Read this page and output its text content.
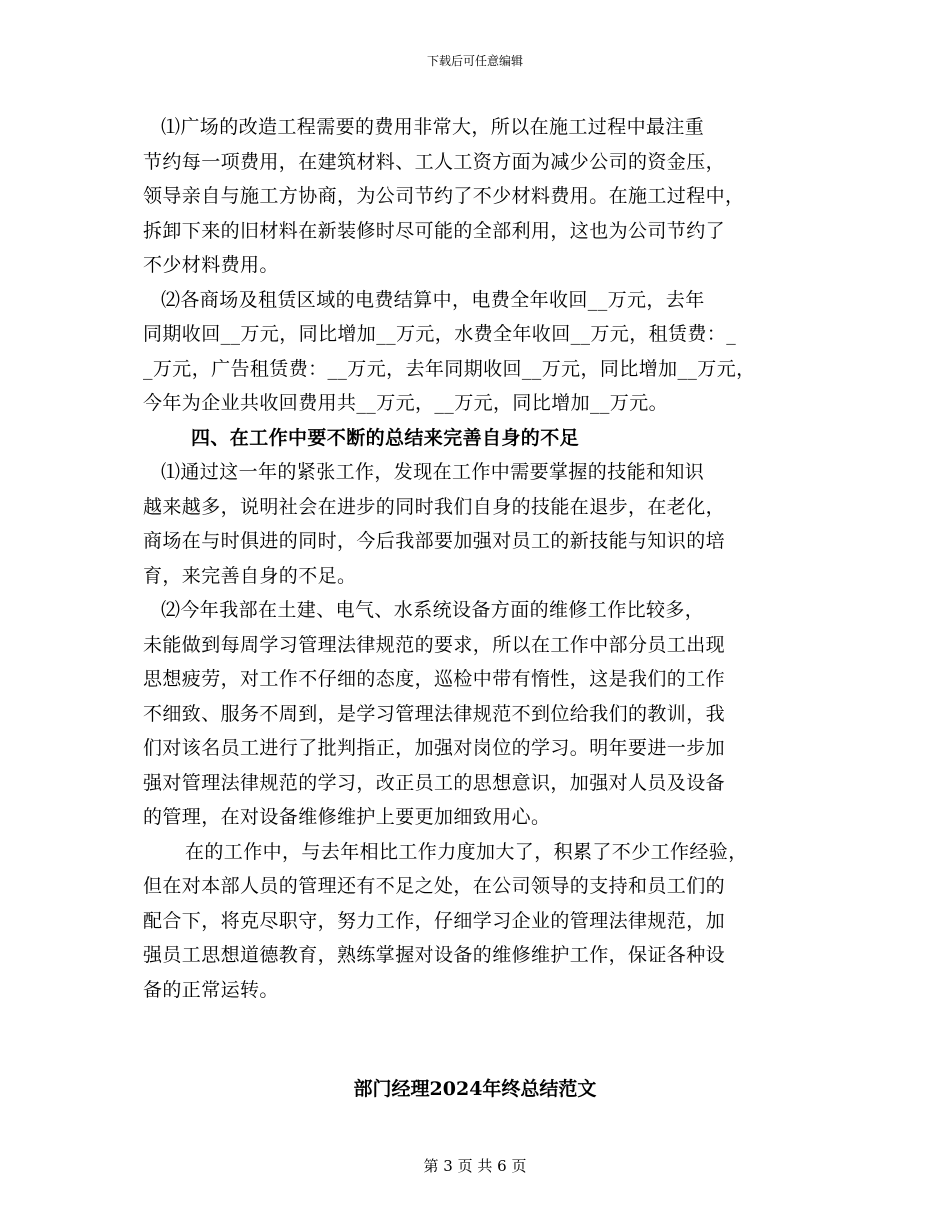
下载后可任意编辑
⑴广场的改造工程需要的费用非常大，所以在施工过程中最注重
节约每一项费用，在建筑材料、工人工资方面为减少公司的资金压，
领导亲自与施工方协商，为公司节约了不少材料费用。在施工过程中，
拆卸下来的旧材料在新装修时尽可能的全部利用，这也为公司节约了
不少材料费用。
⑵各商场及租赁区域的电费结算中，电费全年收回__万元，去年
同期收回__万元，同比增加__万元，水费全年收回__万元，租赁费：_
_万元，广告租赁费：__万元，去年同期收回__万元，同比增加__万元，
今年为企业共收回费用共__万元，__万元，同比增加__万元。
四、在工作中要不断的总结来完善自身的不足
⑴通过这一年的紧张工作，发现在工作中需要掌握的技能和知识
越来越多，说明社会在进步的同时我们自身的技能在退步，在老化，
商场在与时俱进的同时，今后我部要加强对员工的新技能与知识的培
育，来完善自身的不足。
⑵今年我部在土建、电气、水系统设备方面的维修工作比较多，
未能做到每周学习管理法律规范的要求，所以在工作中部分员工出现
思想疲劳，对工作不仔细的态度，巡检中带有惰性，这是我们的工作
不细致、服务不周到，是学习管理法律规范不到位给我们的教训，我
们对该名员工进行了批判指正，加强对岗位的学习。明年要进一步加
强对管理法律规范的学习，改正员工的思想意识，加强对人员及设备
的管理，在对设备维修维护上要更加细致用心。
在的工作中，与去年相比工作力度加大了，积累了不少工作经验，
但在对本部人员的管理还有不足之处，在公司领导的支持和员工们的
配合下，将克尽职守，努力工作，仔细学习企业的管理法律规范，加
强员工思想道德教育，熟练掌握对设备的维修维护工作，保证各种设
备的正常运转。
部门经理2024年终总结范文
第 3 页 共 6 页
